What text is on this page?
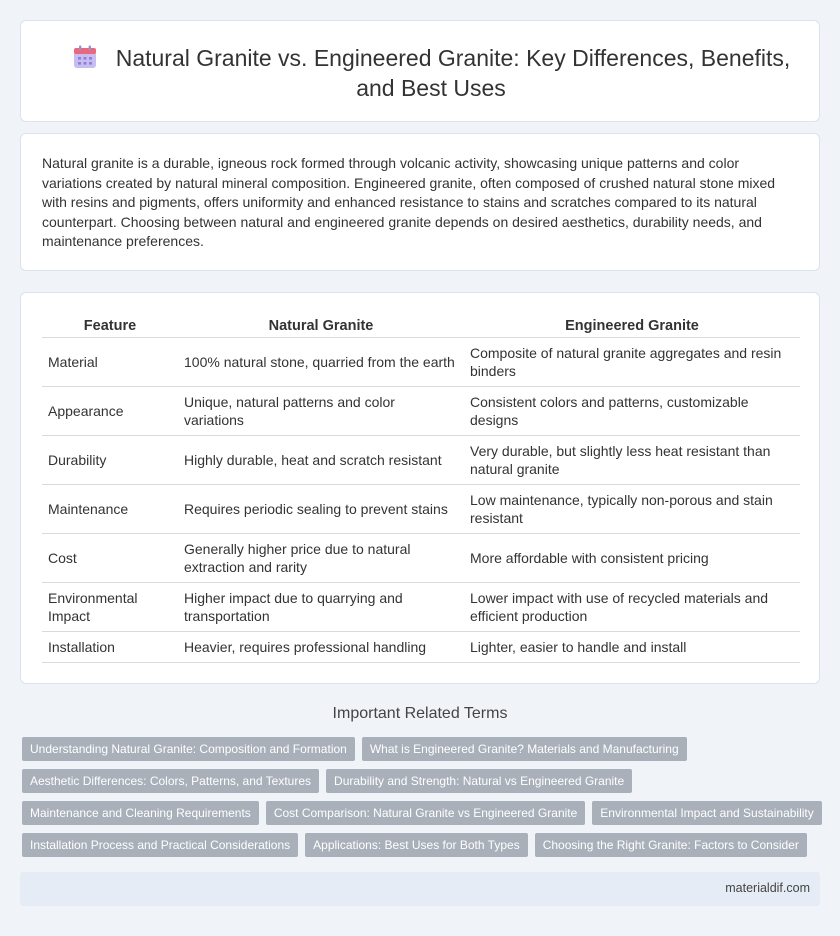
Natural Granite vs. Engineered Granite: Key Differences, Benefits, and Best Uses

Natural granite is a durable, igneous rock formed through volcanic activity, showcasing unique patterns and color variations created by natural mineral composition. Engineered granite, often composed of crushed natural stone mixed with resins and pigments, offers uniformity and enhanced resistance to stains and scratches compared to its natural counterpart. Choosing between natural and engineered granite depends on desired aesthetics, durability needs, and maintenance preferences.

Feature	Natural Granite	Engineered Granite
Material	100% natural stone, quarried from the earth	Composite of natural granite aggregates and resin binders
Appearance	Unique, natural patterns and color variations	Consistent colors and patterns, customizable designs
Durability	Highly durable, heat and scratch resistant	Very durable, but slightly less heat resistant than natural granite
Maintenance	Requires periodic sealing to prevent stains	Low maintenance, typically non-porous and stain resistant
Cost	Generally higher price due to natural extraction and rarity	More affordable with consistent pricing
Environmental Impact	Higher impact due to quarrying and transportation	Lower impact with use of recycled materials and efficient production
Installation	Heavier, requires professional handling	Lighter, easier to handle and install
Important Related Terms
Understanding Natural Granite: Composition and Formation	What is Engineered Granite? Materials and Manufacturing
Aesthetic Differences: Colors, Patterns, and Textures	Durability and Strength: Natural vs Engineered Granite
Maintenance and Cleaning Requirements	Cost Comparison: Natural Granite vs Engineered Granite	Environmental Impact and Sustainability
Installation Process and Practical Considerations	Applications: Best Uses for Both Types	Choosing the Right Granite: Factors to Consider
materialdif.com
